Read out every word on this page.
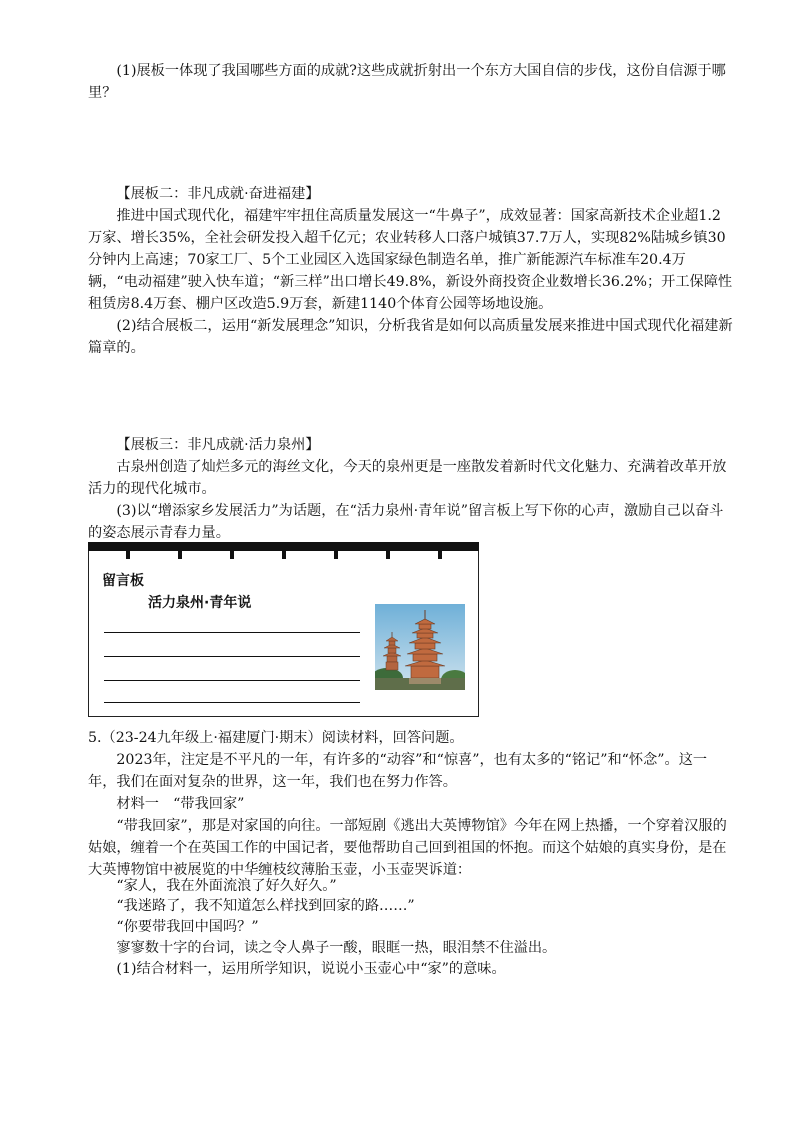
(1)展板一体现了我国哪些方面的成就?这些成就折射出一个东方大国自信的步伐，这份自信源于哪里？

【展板二：非凡成就·奋进福建】

推进中国式现代化，福建牢牢扭住高质量发展这一“牛鼻子”，成效显著：国家高新技术企业超1.2万家、增长35%，全社会研发投入超千亿元；农业转移人口落户城镇37.7万人，实现82%陆城乡镇30分钟内上高速；70家工厂、5个工业园区入选国家绿色制造名单，推广新能源汽车标准车20.4万辆，“电动福建”驶入快车道；“新三样”出口增长49.8%，新设外商投资企业数增长36.2%；开工保障性租赁房8.4万套、棚户区改造5.9万套，新建1140个体育公园等场地设施。

(2)结合展板二，运用“新发展理念”知识，分析我省是如何以高质量发展来推进中国式现代化福建新篇章的。

【展板三：非凡成就·活力泉州】

古泉州创造了灿烂多元的海丝文化，今天的泉州更是一座散发着新时代文化魅力、充满着改革开放活力的现代化城市。

(3)以“增添家乡发展活力”为话题，在“活力泉州·青年说”留言板上写下你的心声，激励自己以奋斗的姿态展示青春力量。

留言板
活力泉州·青年说

5.（23-24九年级上·福建厦门·期末）阅读材料，回答问题。

2023年，注定是不平凡的一年，有许多的“动容”和“惊喜”，也有太多的“铭记”和“怀念”。这一年，我们在面对复杂的世界，这一年，我们也在努力作答。

材料一　“带我回家”

“带我回家”，那是对家国的向往。一部短剧《逃出大英博物馆》今年在网上热播，一个穿着汉服的姑娘，缠着一个在英国工作的中国记者，要他帮助自己回到祖国的怀抱。而这个姑娘的真实身份，是在大英博物馆中被展览的中华缠枝纹薄胎玉壶，小玉壶哭诉道：

“家人，我在外面流浪了好久好久。”

“我迷路了，我不知道怎么样找到回家的路……”

“你要带我回中国吗？”

寥寥数十字的台词，读之令人鼻子一酸，眼眶一热，眼泪禁不住溢出。

(1)结合材料一，运用所学知识，说说小玉壶心中“家”的意味。
